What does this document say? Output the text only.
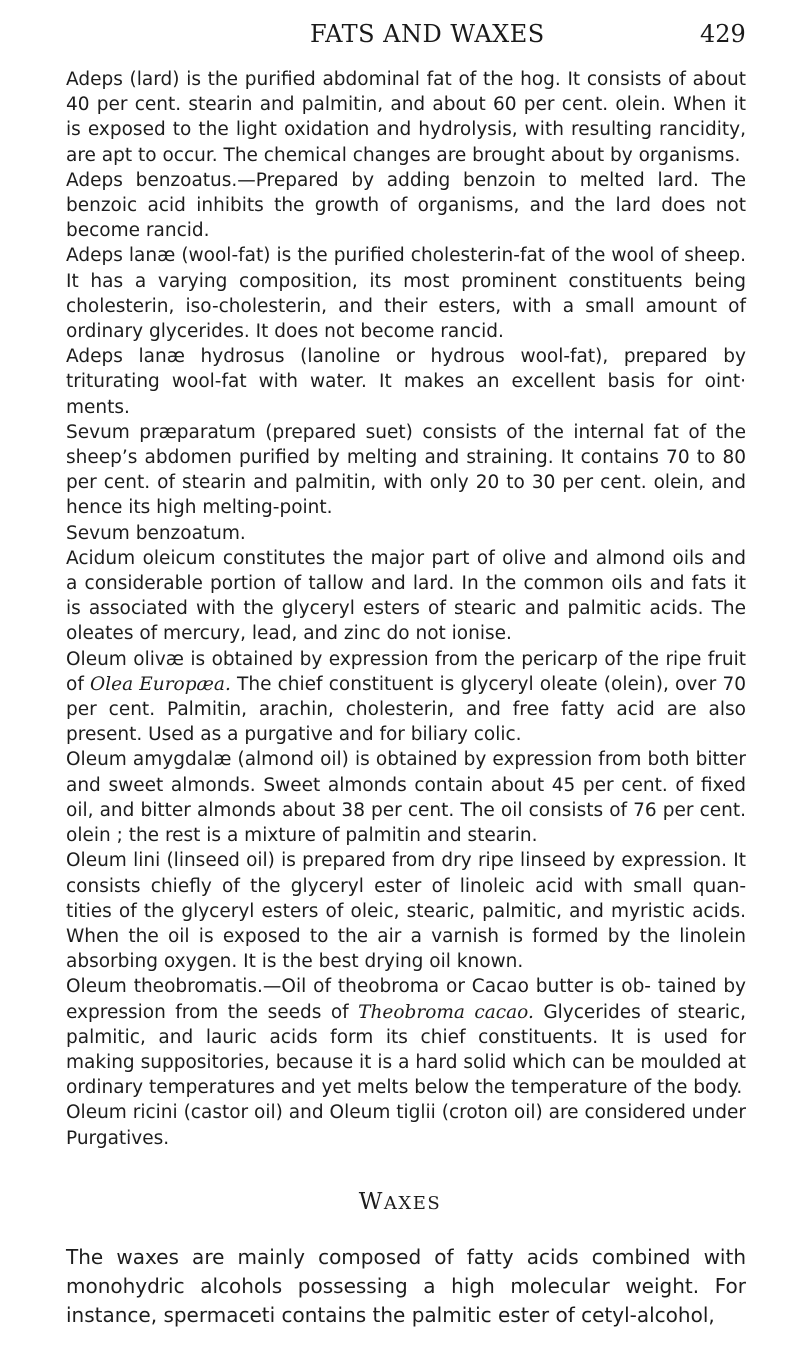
FATS AND WAXES	429

Adeps (lard) is the purified abdominal fat of the hog. It consists of about 40 per cent. stearin and palmitin, and about 60 per cent. olein. When it is exposed to the light oxidation and hydrolysis, with resulting rancidity, are apt to occur. The chemical changes are brought about by organisms.

Adeps benzoatus.—Prepared by adding benzoin to melted lard. The benzoic acid inhibits the growth of organisms, and the lard does not become rancid.

Adeps lanæ (wool-fat) is the purified cholesterin-fat of the wool of sheep. It has a varying composition, its most prominent constituents being cholesterin, iso-cholesterin, and their esters, with a small amount of ordinary glycerides. It does not become rancid.

Adeps lanæ hydrosus (lanoline or hydrous wool-fat), prepared by triturating wool-fat with water. It makes an excellent basis for oint· ments.

Sevum præparatum (prepared suet) consists of the internal fat of the sheep’s abdomen purified by melting and straining. It contains 70 to 80 per cent. of stearin and palmitin, with only 20 to 30 per cent. olein, and hence its high melting-point.

Sevum benzoatum.

Acidum oleicum constitutes the major part of olive and almond oils and a considerable portion of tallow and lard. In the common oils and fats it is associated with the glyceryl esters of stearic and palmitic acids. The oleates of mercury, lead, and zinc do not ionise.

Oleum olivæ is obtained by expression from the pericarp of the ripe fruit of Olea Europæa. The chief constituent is glyceryl oleate (olein), over 70 per cent. Palmitin, arachin, cholesterin, and free fatty acid are also present. Used as a purgative and for biliary colic.

Oleum amygdalæ (almond oil) is obtained by expression from both bitter and sweet almonds. Sweet almonds contain about 45 per cent. of fixed oil, and bitter almonds about 38 per cent. The oil consists of 76 per cent. olein ; the rest is a mixture of palmitin and stearin.

Oleum lini (linseed oil) is prepared from dry ripe linseed by expression. It consists chiefly of the glyceryl ester of linoleic acid with small quan- tities of the glyceryl esters of oleic, stearic, palmitic, and myristic acids. When the oil is exposed to the air a varnish is formed by the linolein absorbing oxygen. It is the best drying oil known.

Oleum theobromatis.—Oil of theobroma or Cacao butter is ob- tained by expression from the seeds of Theobroma cacao. Glycerides of stearic, palmitic, and lauric acids form its chief constituents. It is used for making suppositories, because it is a hard solid which can be moulded at ordinary temperatures and yet melts below the temperature of the body.

Oleum ricini (castor oil) and Oleum tiglii (croton oil) are considered under Purgatives.

WAXES

The waxes are mainly composed of fatty acids combined with monohydric alcohols possessing a high molecular weight. For instance, spermaceti contains the palmitic ester of cetyl-alcohol,
